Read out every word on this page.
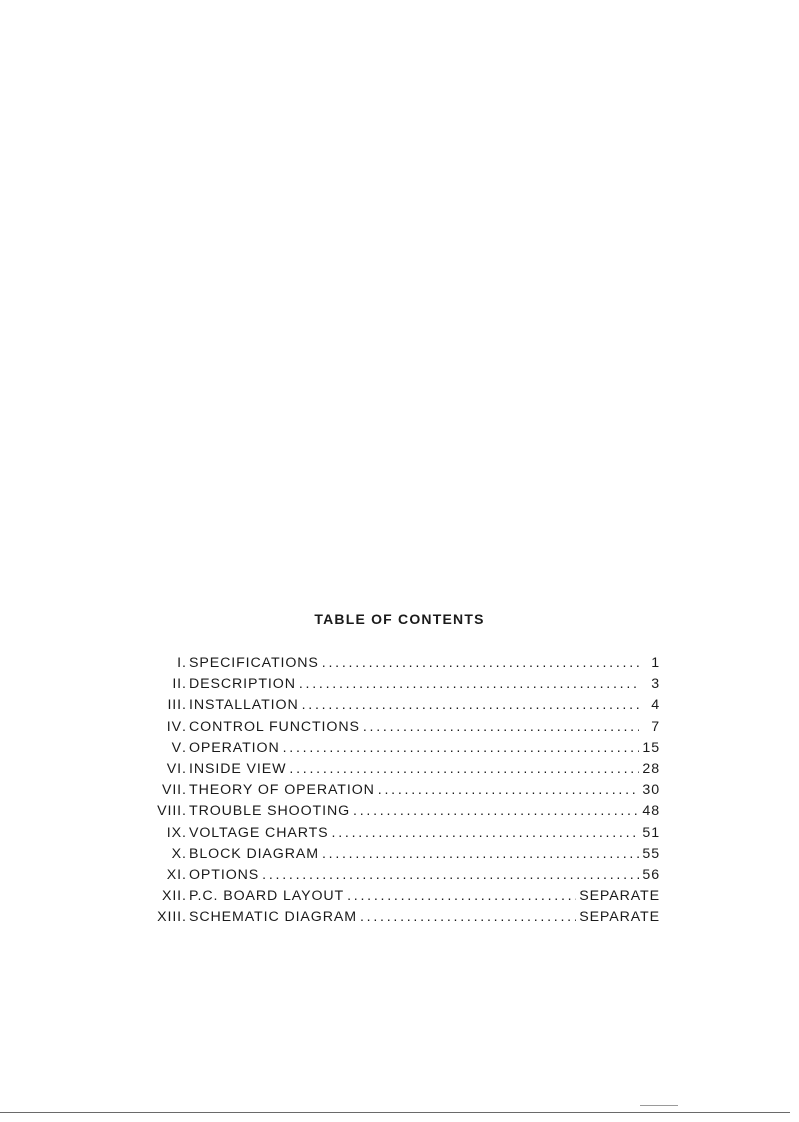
TABLE OF CONTENTS
I . SPECIFICATIONS . . .	1
II . DESCRIPTION . . .	3
III . INSTALLATION . . .	4
IV . CONTROL FUNCTIONS . . .	7
V . OPERATION . . .	15
VI . INSIDE VIEW . . .	28
VII . THEORY OF OPERATION . . .	30
VIII . TROUBLE SHOOTING . . .	48
IX . VOLTAGE CHARTS . . .	51
X . BLOCK DIAGRAM . . .	55
XI . OPTIONS . . .	56
XII . P.C. BOARD LAYOUT . . .	SEPARATE
XIII . SCHEMATIC DIAGRAM . . .	SEPARATE
